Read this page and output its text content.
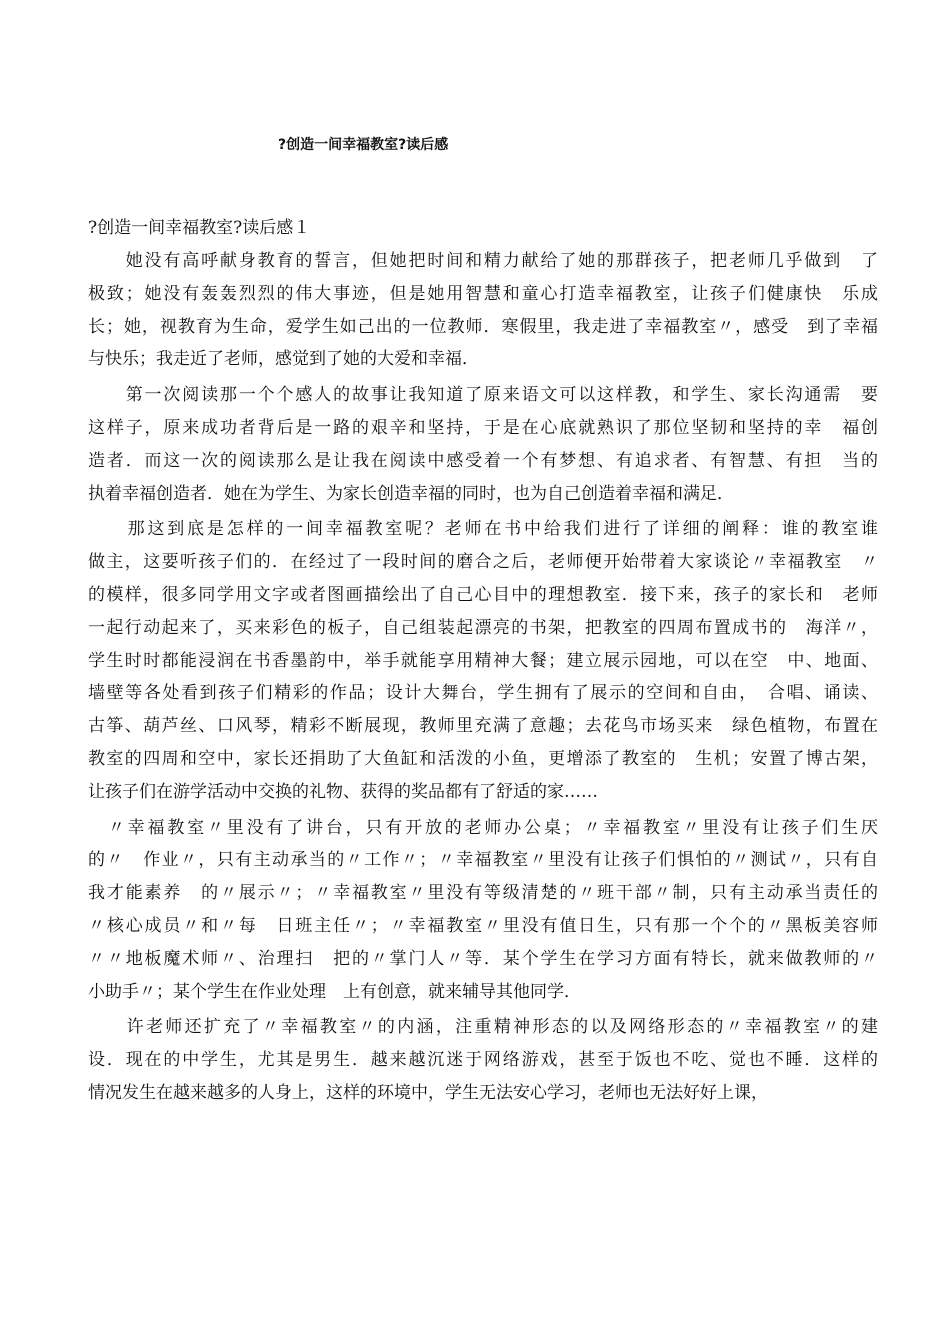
?创造一间幸福教室?读后感
?创造一间幸福教室?读后感１
　　她没有高呼献身教育的誓言，但她把时间和精力献给了她的那群孩子，把老师几乎做到　了
极致；她没有轰轰烈烈的伟大事迹，但是她用智慧和童心打造幸福教室，让孩子们健康快　乐成
长；她，视教育为生命，爱学生如己出的一位教师．寒假里，我走进了幸福教室〃，感受　到了幸福
与快乐；我走近了老师，感觉到了她的大爱和幸福．
　　第一次阅读那一个个感人的故事让我知道了原来语文可以这样教，和学生、家长沟通需　要
这样子，原来成功者背后是一路的艰辛和坚持，于是在心底就熟识了那位坚韧和坚持的幸　福创
造者．而这一次的阅读那么是让我在阅读中感受着一个有梦想、有追求者、有智慧、有担　当的
执着幸福创造者．她在为学生、为家长创造幸福的同时，也为自己创造着幸福和满足．
　　那这到底是怎样的一间幸福教室呢？老师在书中给我们进行了详细的阐释：谁的教室谁
做主，这要听孩子们的．在经过了一段时间的磨合之后，老师便开始带着大家谈论〃幸福教室　〃
的模样，很多同学用文字或者图画描绘出了自己心目中的理想教室．接下来，孩子的家长和　老师
一起行动起来了，买来彩色的板子，自己组装起漂亮的书架，把教室的四周布置成书的　海洋〃，
学生时时都能浸润在书香墨韵中，举手就能享用精神大餐；建立展示园地，可以在空　中、地面、
墙壁等各处看到孩子们精彩的作品；设计大舞台，学生拥有了展示的空间和自由，　合唱、诵读、
古筝、葫芦丝、口风琴，精彩不断展现，教师里充满了意趣；去花鸟市场买来　绿色植物，布置在
教室的四周和空中，家长还捐助了大鱼缸和活泼的小鱼，更增添了教室的　生机；安置了博古架，
让孩子们在游学活动中交换的礼物、获得的奖品都有了舒适的家……
　〃幸福教室〃里没有了讲台，只有开放的老师办公桌；〃幸福教室〃里没有让孩子们生厌
的〃　作业〃，只有主动承当的〃工作〃；〃幸福教室〃里没有让孩子们惧怕的〃测试〃，只有自
我才能素养　的〃展示〃；〃幸福教室〃里没有等级清楚的〃班干部〃制，只有主动承当责任的
〃核心成员〃和〃每　日班主任〃；〃幸福教室〃里没有值日生，只有那一个个的〃黑板美容师
〃〃地板魔术师〃、治理扫　把的〃掌门人〃等．某个学生在学习方面有特长，就来做教师的〃
小助手〃；某个学生在作业处理　上有创意，就来辅导其他同学．
　　许老师还扩充了〃幸福教室〃的内涵，注重精神形态的以及网络形态的〃幸福教室〃的建
设．现在的中学生，尤其是男生．越来越沉迷于网络游戏，甚至于饭也不吃、觉也不睡．这样的
情况发生在越来越多的人身上，这样的环境中，学生无法安心学习，老师也无法好好上课，
